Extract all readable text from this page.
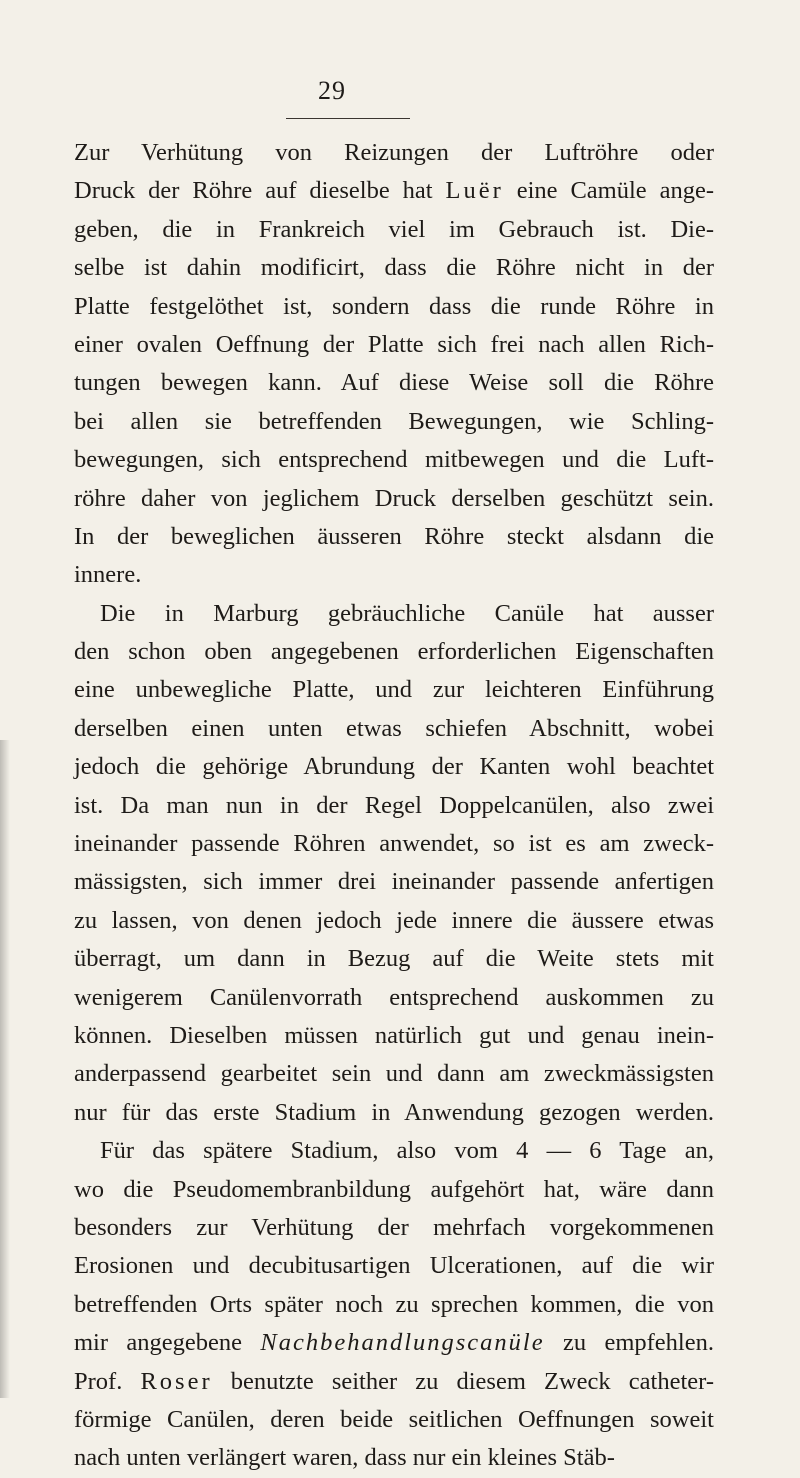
29
Zur Verhütung von Reizungen der Luftröhre oder
Druck der Röhre auf dieselbe hat Luër eine Camüle ange-
geben, die in Frankreich viel im Gebrauch ist. Die-
selbe ist dahin modificirt, dass die Röhre nicht in der
Platte festgelöthet ist, sondern dass die runde Röhre in
einer ovalen Oeffnung der Platte sich frei nach allen Rich-
tungen bewegen kann. Auf diese Weise soll die Röhre
bei allen sie betreffenden Bewegungen, wie Schling-
bewegungen, sich entsprechend mitbewegen und die Luft-
röhre daher von jeglichem Druck derselben geschützt sein.
In der beweglichen äusseren Röhre steckt alsdann die
innere.
Die in Marburg gebräuchliche Canüle hat ausser
den schon oben angegebenen erforderlichen Eigenschaften
eine unbewegliche Platte, und zur leichteren Einführung
derselben einen unten etwas schiefen Abschnitt, wobei
jedoch die gehörige Abrundung der Kanten wohl beachtet
ist. Da man nun in der Regel Doppelcanülen, also zwei
ineinander passende Röhren anwendet, so ist es am zweck-
mässigsten, sich immer drei ineinander passende anfertigen
zu lassen, von denen jedoch jede innere die äussere etwas
überragt, um dann in Bezug auf die Weite stets mit
wenigerem Canülenvorrath entsprechend auskommen zu
können. Dieselben müssen natürlich gut und genau inein-
anderpassend gearbeitet sein und dann am zweckmässigsten
nur für das erste Stadium in Anwendung gezogen werden.
Für das spätere Stadium, also vom 4 — 6 Tage an,
wo die Pseudomembranbildung aufgehört hat, wäre dann
besonders zur Verhütung der mehrfach vorgekommenen
Erosionen und decubitusartigen Ulcerationen, auf die wir
betreffenden Orts später noch zu sprechen kommen, die von
mir angegebene Nachbehandlungscanüle zu empfehlen.
Prof. Roser benutzte seither zu diesem Zweck catheter-
förmige Canülen, deren beide seitlichen Oeffnungen soweit
nach unten verlängert waren, dass nur ein kleines Stäb-
